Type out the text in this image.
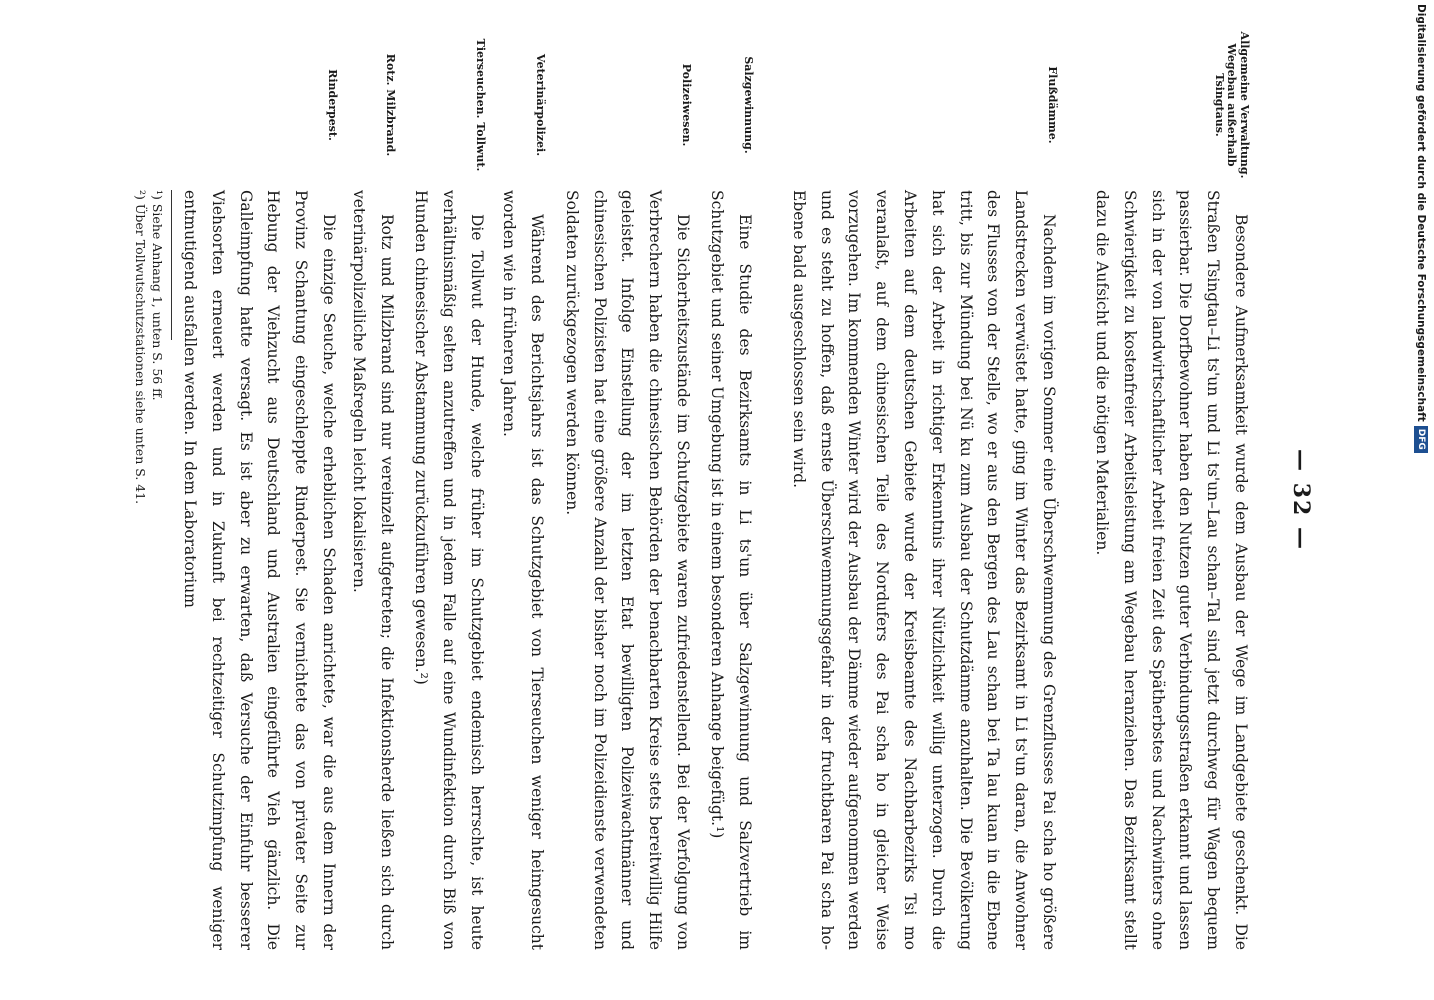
— 32 —
Allgemeine Verwaltung. Wegebau außerhalb Tsingtaus.

Besondere Aufmerksamkeit wurde dem Ausbau der Wege im Landgebiete geschenkt. Die Straßen Tsingtau–Li ts'un und Li ts'un–Lau schan–Tal sind jetzt durchweg für Wagen bequem passierbar. Die Dorfbewohner haben den Nutzen guter Verbindungsstraßen erkannt und lassen sich in der von landwirtschaftlicher Arbeit freien Zeit des Spätherbstes und Nachwinters ohne Schwierigkeit zu kostenfreier Arbeitsleistung am Wegebau heranziehen. Das Bezirksamt stellt dazu die Aufsicht und die nötigen Materialien.

Flußdämme.

Nachdem im vorigen Sommer eine Überschwemmung des Grenzflusses Pai scha ho größere Landstrecken verwüstet hatte, ging im Winter das Bezirksamt in Li ts'un daran, die Anwohner des Flusses von der Stelle, wo er aus den Bergen des Lau schan bei Ta lau kuan in die Ebene tritt, bis zur Mündung bei Nü ku zum Ausbau der Schutzdämme anzuhalten. Die Bevölkerung hat sich der Arbeit in richtiger Erkenntnis ihrer Nützlichkeit willig unterzogen. Durch die Arbeiten auf dem deutschen Gebiete wurde der Kreisbeamte des Nachbarbezirks Tsi mo veranlaßt, auf dem chinesischen Teile des Nordufers des Pai scha ho in gleicher Weise vorzugehen. Im kommenden Winter wird der Ausbau der Dämme wieder aufgenommen werden und es steht zu hoffen, daß ernste Überschwemmungsgefahr in der fruchtbaren Pai scha ho-Ebene bald ausgeschlossen sein wird.

Salzgewinnung.

Eine Studie des Bezirksamts in Li ts'un über Salzgewinnung und Salzvertrieb im Schutzgebiet und seiner Umgebung ist in einem besonderen Anhange beigefügt.¹)

Polizeiwesen.

Die Sicherheitszustände im Schutzgebiete waren zufriedenstellend. Bei der Verfolgung von Verbrechern haben die chinesischen Behörden der benachbarten Kreise stets bereitwillig Hilfe geleistet. Infolge Einstellung der im letzten Etat bewilligten Polizeiwachtmänner und chinesischen Polizisten hat eine größere Anzahl der bisher noch im Polizeidienste verwendeten Soldaten zurückgezogen werden können.

Veterinärpolizei.

Während des Berichtsjahrs ist das Schutzgebiet von Tierseuchen weniger heimgesucht worden wie in früheren Jahren.

Tierseuchen. Tollwut.

Die Tollwut der Hunde, welche früher im Schutzgebiet endemisch herrschte, ist heute verhältnismäßig selten anzutreffen und in jedem Falle auf eine Wundinfektion durch Biß von Hunden chinesischer Abstammung zurückzuführen gewesen.²)

Rotz. Milzbrand.

Rotz und Milzbrand sind nur vereinzelt aufgetreten; die Infektionsherde ließen sich durch veterinärpolizeiliche Maßregeln leicht lokalisieren.

Rinderpest.

Die einzige Seuche, welche erheblichen Schaden anrichtete, war die aus dem Innern der Provinz Schantung eingeschleppte Rinderpest. Sie vernichtete das von privater Seite zur Hebung der Viehzucht aus Deutschland und Australien eingeführte Vieh gänzlich. Die Galleimpfung hatte versagt. Es ist aber zu erwarten, daß Versuche der Einfuhr besserer Viehsorten erneuert werden und in Zukunft bei rechtzeitiger Schutzimpfung weniger entmutigend ausfallen werden. In dem Laboratorium

¹) Siehe Anhang 1, unten S. 56 ff.
²) Über Tollwutschutzstationen siehe unten S. 41.	Digitalisierung gefördert durch die Deutsche Forschungsgemeinschaft
DFG
